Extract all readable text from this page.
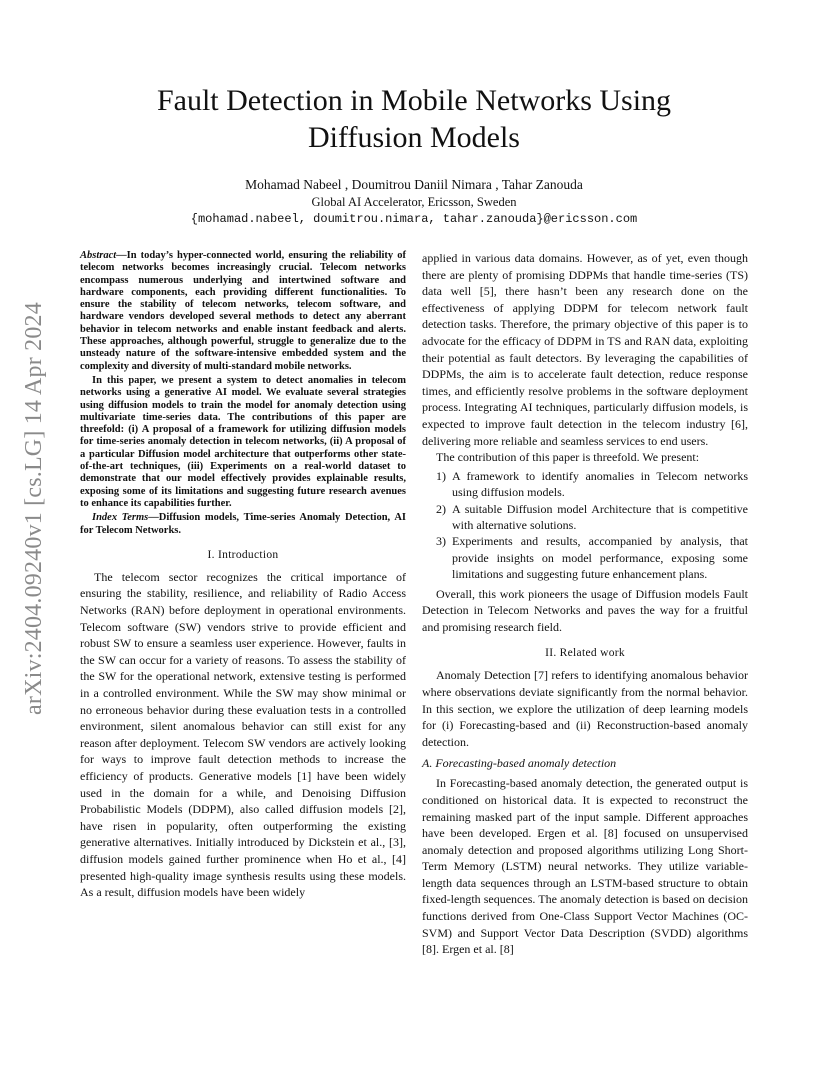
arXiv:2404.09240v1 [cs.LG] 14 Apr 2024
Fault Detection in Mobile Networks Using
Diffusion Models
Mohamad Nabeel , Doumitrou Daniil Nimara , Tahar Zanouda
Global AI Accelerator, Ericsson, Sweden
{mohamad.nabeel, doumitrou.nimara, tahar.zanouda}@ericsson.com

Abstract—In today’s hyper-connected world, ensuring the reliability of telecom networks becomes increasingly crucial. Telecom networks encompass numerous underlying and intertwined software and hardware components, each providing different functionalities. To ensure the stability of telecom networks, telecom software, and hardware vendors developed several methods to detect any aberrant behavior in telecom networks and enable instant feedback and alerts. These approaches, although powerful, struggle to generalize due to the unsteady nature of the software-intensive embedded system and the complexity and diversity of multi-standard mobile networks.

In this paper, we present a system to detect anomalies in telecom networks using a generative AI model. We evaluate several strategies using diffusion models to train the model for anomaly detection using multivariate time-series data. The contributions of this paper are threefold: (i) A proposal of a framework for utilizing diffusion models for time-series anomaly detection in telecom networks, (ii) A proposal of a particular Diffusion model architecture that outperforms other state-of-the-art techniques, (iii) Experiments on a real-world dataset to demonstrate that our model effectively provides explainable results, exposing some of its limitations and suggesting future research avenues to enhance its capabilities further.

Index Terms—Diffusion models, Time-series Anomaly Detection, AI for Telecom Networks.

I. Introduction

The telecom sector recognizes the critical importance of ensuring the stability, resilience, and reliability of Radio Access Networks (RAN) before deployment in operational environments. Telecom software (SW) vendors strive to provide efficient and robust SW to ensure a seamless user experience. However, faults in the SW can occur for a variety of reasons. To assess the stability of the SW for the operational network, extensive testing is performed in a controlled environment. While the SW may show minimal or no erroneous behavior during these evaluation tests in a controlled environment, silent anomalous behavior can still exist for any reason after deployment. Telecom SW vendors are actively looking for ways to improve fault detection methods to increase the efficiency of products. Generative models [1] have been widely used in the domain for a while, and Denoising Diffusion Probabilistic Models (DDPM), also called diffusion models [2], have risen in popularity, often outperforming the existing generative alternatives. Initially introduced by Dickstein et al., [3], diffusion models gained further prominence when Ho et al., [4] presented high-quality image synthesis results using these models. As a result, diffusion models have been widely

applied in various data domains. However, as of yet, even though there are plenty of promising DDPMs that handle time-series (TS) data well [5], there hasn’t been any research done on the effectiveness of applying DDPM for telecom network fault detection tasks. Therefore, the primary objective of this paper is to advocate for the efficacy of DDPM in TS and RAN data, exploiting their potential as fault detectors. By leveraging the capabilities of DDPMs, the aim is to accelerate fault detection, reduce response times, and efficiently resolve problems in the software deployment process. Integrating AI techniques, particularly diffusion models, is expected to improve fault detection in the telecom industry [6], delivering more reliable and seamless services to end users.

The contribution of this paper is threefold. We present:

1) A framework to identify anomalies in Telecom networks using diffusion models.
2) A suitable Diffusion model Architecture that is competitive with alternative solutions.
3) Experiments and results, accompanied by analysis, that provide insights on model performance, exposing some limitations and suggesting future enhancement plans.

Overall, this work pioneers the usage of Diffusion models Fault Detection in Telecom Networks and paves the way for a fruitful and promising research field.

II. Related work

Anomaly Detection [7] refers to identifying anomalous behavior where observations deviate significantly from the normal behavior. In this section, we explore the utilization of deep learning models for (i) Forecasting-based and (ii) Reconstruction-based anomaly detection.

A. Forecasting-based anomaly detection

In Forecasting-based anomaly detection, the generated output is conditioned on historical data. It is expected to reconstruct the remaining masked part of the input sample. Different approaches have been developed. Ergen et al. [8] focused on unsupervised anomaly detection and proposed algorithms utilizing Long Short-Term Memory (LSTM) neural networks. They utilize variable-length data sequences through an LSTM-based structure to obtain fixed-length sequences. The anomaly detection is based on decision functions derived from One-Class Support Vector Machines (OC-SVM) and Support Vector Data Description (SVDD) algorithms [8]. Ergen et al. [8]
